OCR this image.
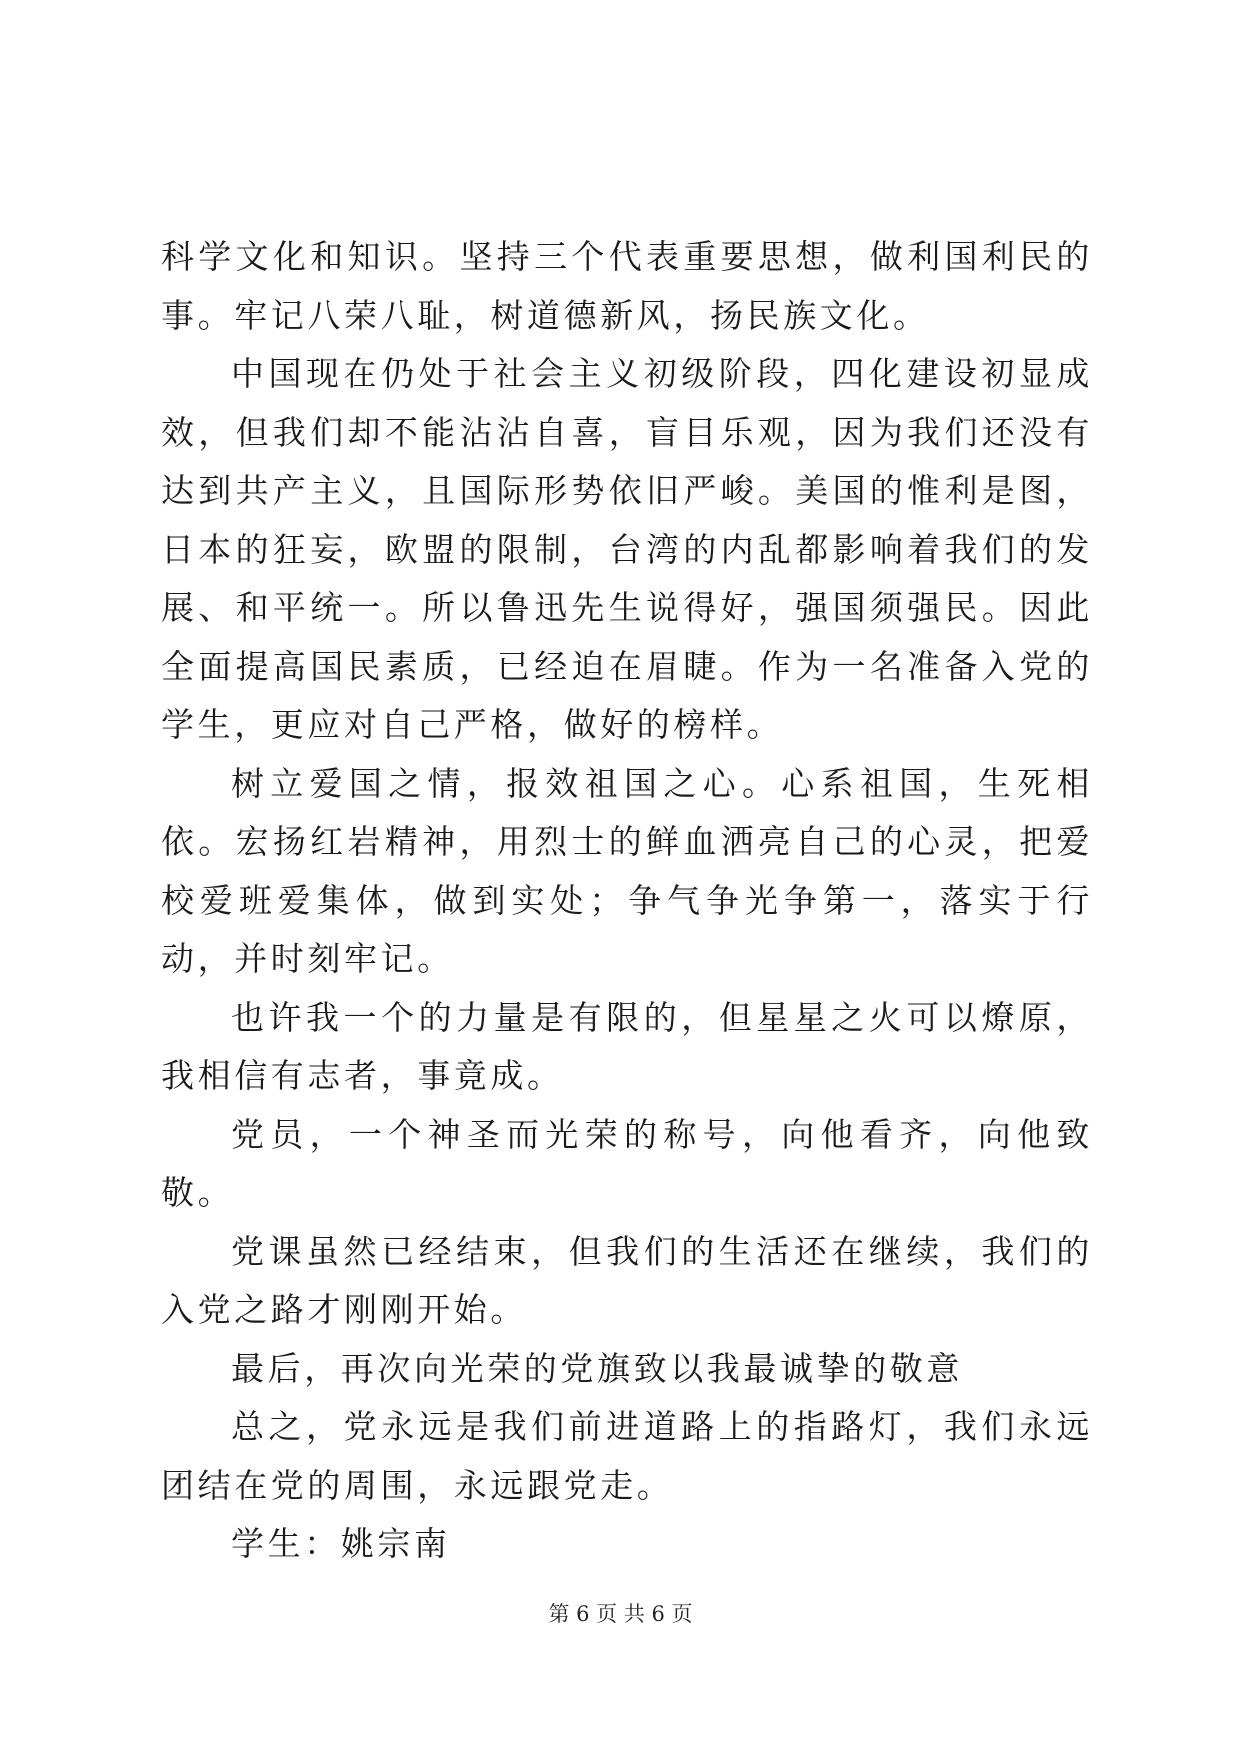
科学文化和知识。坚持三个代表重要思想，做利国利民的事。牢记八荣八耻，树道德新风，扬民族文化。

中国现在仍处于社会主义初级阶段，四化建设初显成效，但我们却不能沾沾自喜，盲目乐观，因为我们还没有达到共产主义，且国际形势依旧严峻。美国的惟利是图，日本的狂妄，欧盟的限制，台湾的内乱都影响着我们的发展、和平统一。所以鲁迅先生说得好，强国须强民。因此全面提高国民素质，已经迫在眉睫。作为一名准备入党的学生，更应对自己严格，做好的榜样。

树立爱国之情，报效祖国之心。心系祖国，生死相依。宏扬红岩精神，用烈士的鲜血洒亮自己的心灵，把爱校爱班爱集体，做到实处；争气争光争第一，落实于行动，并时刻牢记。

也许我一个的力量是有限的，但星星之火可以燎原，我相信有志者，事竟成。

党员，一个神圣而光荣的称号，向他看齐，向他致敬。

党课虽然已经结束，但我们的生活还在继续，我们的入党之路才刚刚开始。

最后，再次向光荣的党旗致以我最诚挚的敬意

总之，党永远是我们前进道路上的指路灯，我们永远团结在党的周围，永远跟党走。

学生：姚宗南

第 6 页 共 6 页
